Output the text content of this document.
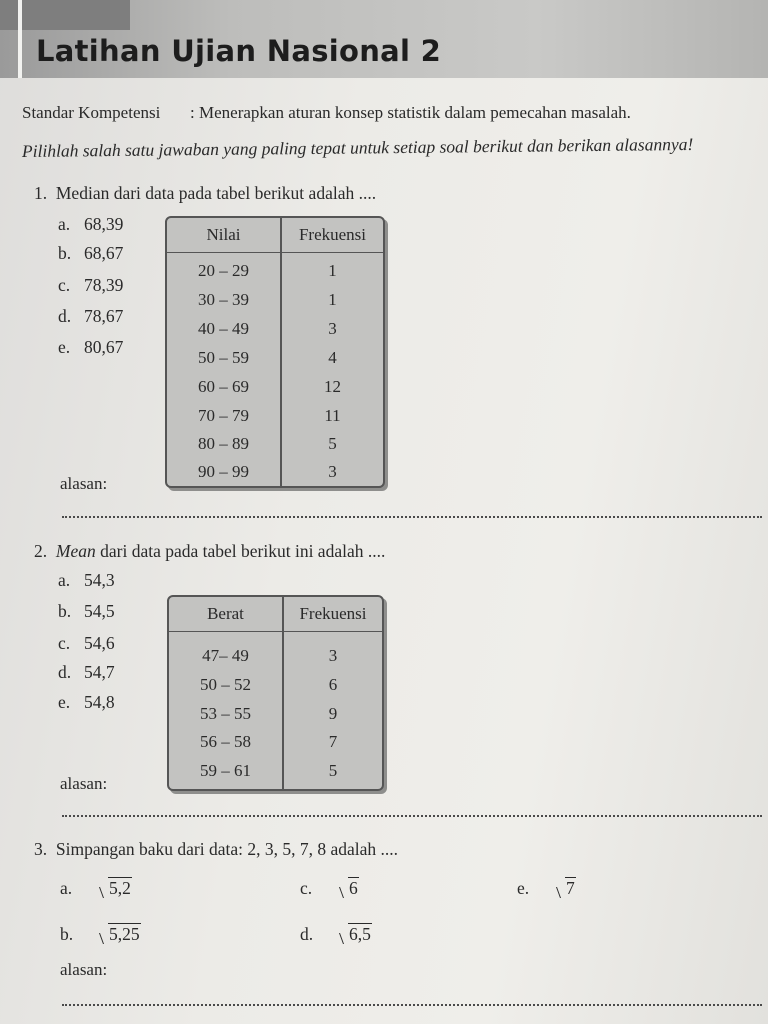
Latihan Ujian Nasional 2
Standar Kompetensi : Menerapkan aturan konsep statistik dalam pemecahan masalah.
Pilihlah salah satu jawaban yang paling tepat untuk setiap soal berikut dan berikan alasannya!
1. Median dari data pada tabel berikut adalah ....
a. 68,39
b. 68,67
c. 78,39
d. 78,67
e. 80,67
Nilai	Frekuensi
20 – 29	1
30 – 39	1
40 – 49	3
50 – 59	4
60 – 69	12
70 – 79	11
80 – 89	5
90 – 99	3
alasan:
2. Mean dari data pada tabel berikut ini adalah ....
a. 54,3
b. 54,5
c. 54,6
d. 54,7
e. 54,8
Berat	Frekuensi
47– 49	3
50 – 52	6
53 – 55	9
56 – 58	7
59 – 61	5
alasan:
3. Simpangan baku dari data: 2, 3, 5, 7, 8 adalah ....
a. 5,2
b. 5,25
c. 6
d. 6,5
e. 7
alasan:
